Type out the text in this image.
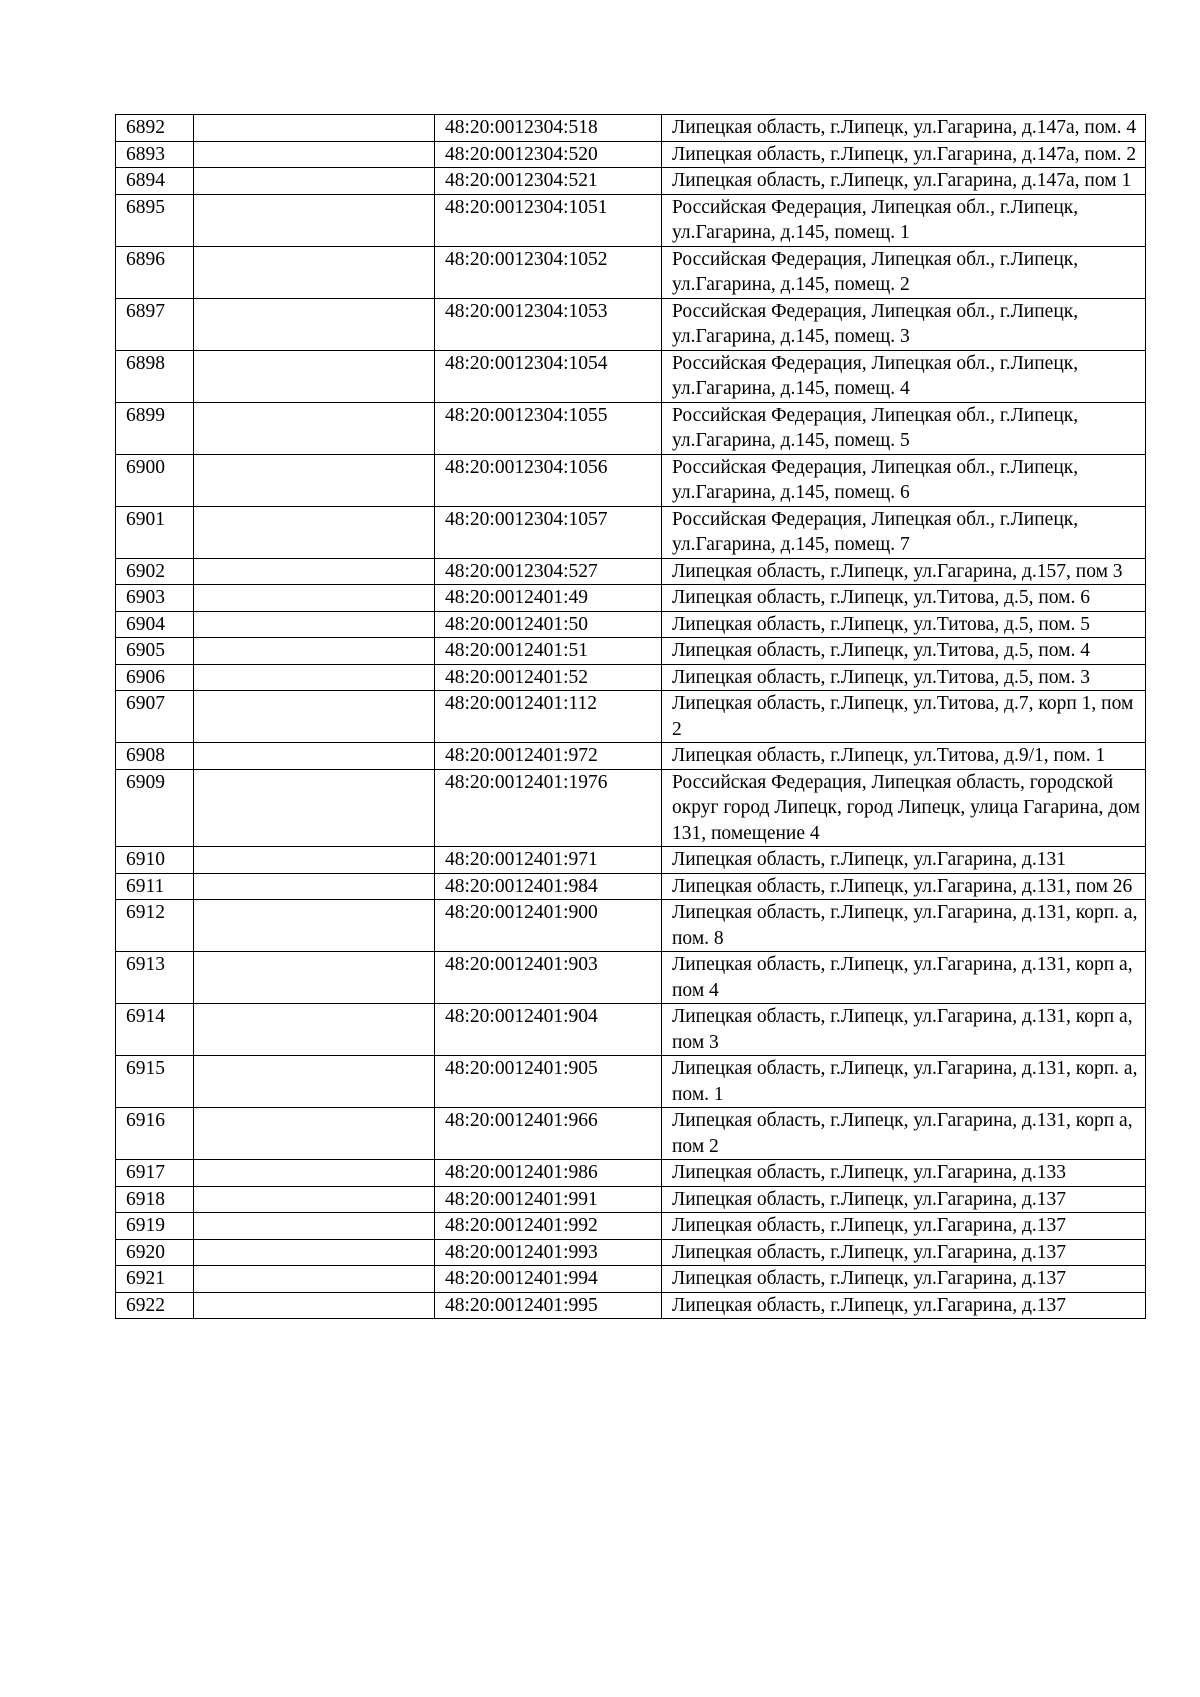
6892		48:20:0012304:518	Липецкая область, г.Липецк, ул.Гагарина, д.147а, пом. 4
6893		48:20:0012304:520	Липецкая область, г.Липецк, ул.Гагарина, д.147а, пом. 2
6894		48:20:0012304:521	Липецкая область, г.Липецк, ул.Гагарина, д.147а, пом 1
6895		48:20:0012304:1051	Российская Федерация, Липецкая обл., г.Липецк, ул.Гагарина, д.145, помещ. 1
6896		48:20:0012304:1052	Российская Федерация, Липецкая обл., г.Липецк, ул.Гагарина, д.145, помещ. 2
6897		48:20:0012304:1053	Российская Федерация, Липецкая обл., г.Липецк, ул.Гагарина, д.145, помещ. 3
6898		48:20:0012304:1054	Российская Федерация, Липецкая обл., г.Липецк, ул.Гагарина, д.145, помещ. 4
6899		48:20:0012304:1055	Российская Федерация, Липецкая обл., г.Липецк, ул.Гагарина, д.145, помещ. 5
6900		48:20:0012304:1056	Российская Федерация, Липецкая обл., г.Липецк, ул.Гагарина, д.145, помещ. 6
6901		48:20:0012304:1057	Российская Федерация, Липецкая обл., г.Липецк, ул.Гагарина, д.145, помещ. 7
6902		48:20:0012304:527	Липецкая область, г.Липецк, ул.Гагарина, д.157, пом 3
6903		48:20:0012401:49	Липецкая область, г.Липецк, ул.Титова, д.5, пом. 6
6904		48:20:0012401:50	Липецкая область, г.Липецк, ул.Титова, д.5, пом. 5
6905		48:20:0012401:51	Липецкая область, г.Липецк, ул.Титова, д.5, пом. 4
6906		48:20:0012401:52	Липецкая область, г.Липецк, ул.Титова, д.5, пом. 3
6907		48:20:0012401:112	Липецкая область, г.Липецк, ул.Титова, д.7, корп 1, пом 2
6908		48:20:0012401:972	Липецкая область, г.Липецк, ул.Титова, д.9/1, пом. 1
6909		48:20:0012401:1976	Российская Федерация, Липецкая область, городской округ город Липецк, город Липецк, улица Гагарина, дом 131, помещение 4
6910		48:20:0012401:971	Липецкая область, г.Липецк, ул.Гагарина, д.131
6911		48:20:0012401:984	Липецкая область, г.Липецк, ул.Гагарина, д.131, пом 26
6912		48:20:0012401:900	Липецкая область, г.Липецк, ул.Гагарина, д.131, корп. а, пом. 8
6913		48:20:0012401:903	Липецкая область, г.Липецк, ул.Гагарина, д.131, корп а, пом 4
6914		48:20:0012401:904	Липецкая область, г.Липецк, ул.Гагарина, д.131, корп а, пом 3
6915		48:20:0012401:905	Липецкая область, г.Липецк, ул.Гагарина, д.131, корп. а, пом. 1
6916		48:20:0012401:966	Липецкая область, г.Липецк, ул.Гагарина, д.131, корп а, пом 2
6917		48:20:0012401:986	Липецкая область, г.Липецк, ул.Гагарина, д.133
6918		48:20:0012401:991	Липецкая область, г.Липецк, ул.Гагарина, д.137
6919		48:20:0012401:992	Липецкая область, г.Липецк, ул.Гагарина, д.137
6920		48:20:0012401:993	Липецкая область, г.Липецк, ул.Гагарина, д.137
6921		48:20:0012401:994	Липецкая область, г.Липецк, ул.Гагарина, д.137
6922		48:20:0012401:995	Липецкая область, г.Липецк, ул.Гагарина, д.137
